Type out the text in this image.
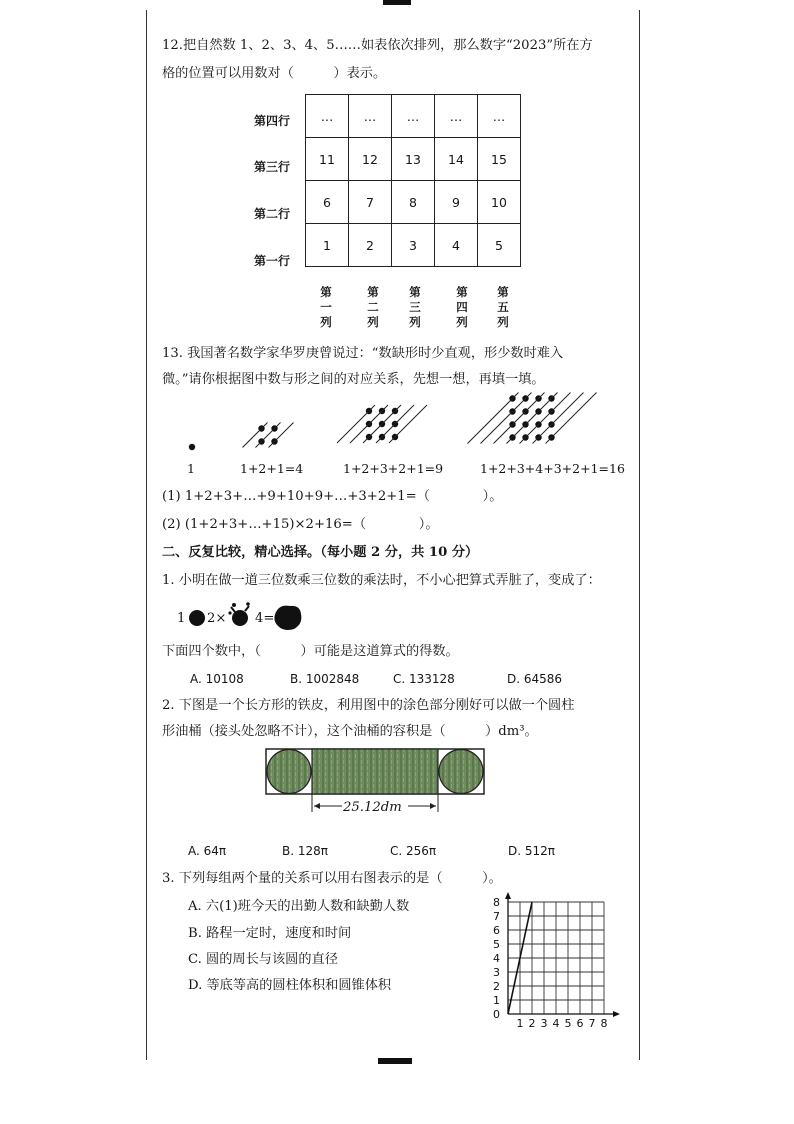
12.把自然数 1、2、3、4、5……如表依次排列，那么数字“2023”所在方
格的位置可以用数对（　　　）表示。
第四行
第三行
第二行
第一行
…	…	…	…	…
11	12	13	14	15
6	7	8	9	10
1	2	3	4	5
第一列
第二列
第三列
第四列
第五列
13. 我国著名数学家华罗庚曾说过：“数缺形时少直观，形少数时难入
微。”请你根据图中数与形之间的对应关系，先想一想，再填一填。
1	1+2+1=4	1+2+3+2+1=9	1+2+3+4+3+2+1=16
(1) 1+2+3+…+9+10+9+…+3+2+1=（　　　　）。
(2) (1+2+3+…+15)×2+16=（　　　　）。
二、反复比较，精心选择。（每小题 2 分，共 10 分）
1. 小明在做一道三位数乘三位数的乘法时，不小心把算式弄脏了，变成了：
1 2× 4=
下面四个数中，（　　　）可能是这道算式的得数。
A. 10108	B. 1002848	C. 133128	D. 64586
2. 下图是一个长方形的铁皮，利用图中的涂色部分刚好可以做一个圆柱
形油桶（接头处忽略不计），这个油桶的容积是（　　　）dm³。
25.12dm
A. 64π	B. 128π	C. 256π	D. 512π
3. 下列每组两个量的关系可以用右图表示的是（　　　）。
A. 六(1)班今天的出勤人数和缺勤人数
B. 路程一定时，速度和时间
C. 圆的周长与该圆的直径
D. 等底等高的圆柱体积和圆锥体积
1 2 3 4 5 6 7 8
0
1
2
3
4
5
6
7
8
